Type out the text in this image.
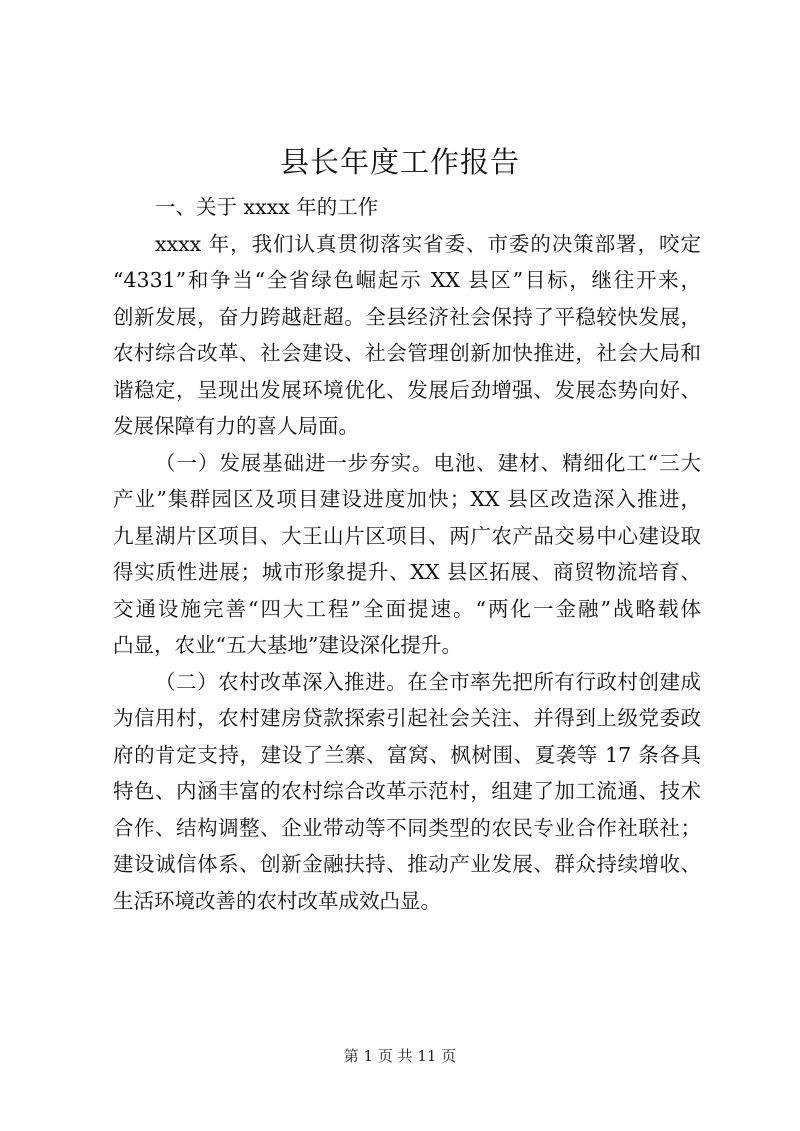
县长年度工作报告
一、关于 xxxx 年的工作
xxxx 年，我们认真贯彻落实省委、市委的决策部署，咬定
“4331”和争当“全省绿色崛起示 XX 县区”目标，继往开来，
创新发展，奋力跨越赶超。全县经济社会保持了平稳较快发展，
农村综合改革、社会建设、社会管理创新加快推进，社会大局和
谐稳定，呈现出发展环境优化、发展后劲增强、发展态势向好、
发展保障有力的喜人局面。
（一）发展基础进一步夯实。电池、建材、精细化工“三大
产业”集群园区及项目建设进度加快；XX 县区改造深入推进，
九星湖片区项目、大王山片区项目、两广农产品交易中心建设取
得实质性进展；城市形象提升、XX 县区拓展、商贸物流培育、
交通设施完善“四大工程”全面提速。“两化一金融”战略载体
凸显，农业“五大基地”建设深化提升。
（二）农村改革深入推进。在全市率先把所有行政村创建成
为信用村，农村建房贷款探索引起社会关注、并得到上级党委政
府的肯定支持，建设了兰寨、富窝、枫树围、夏袭等 17 条各具
特色、内涵丰富的农村综合改革示范村，组建了加工流通、技术
合作、结构调整、企业带动等不同类型的农民专业合作社联社；
建设诚信体系、创新金融扶持、推动产业发展、群众持续增收、
生活环境改善的农村改革成效凸显。
第 1 页 共 11 页
